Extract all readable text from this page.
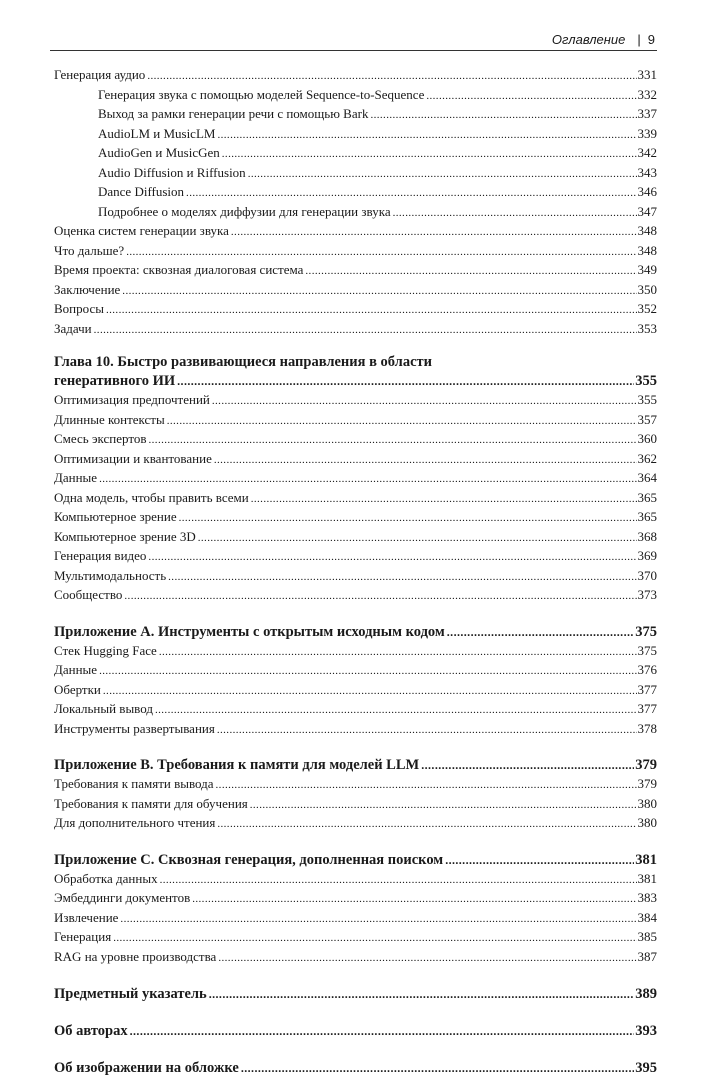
Оглавление | 9
Генерация аудио .....	331
Генерация звука с помощью моделей Sequence-to-Sequence .....	332
Выход за рамки генерации речи с помощью Bark .....	337
AudioLM и MusicLM .....	339
AudioGen и MusicGen .....	342
Audio Diffusion и Riffusion .....	343
Dance Diffusion .....	346
Подробнее о моделях диффузии для генерации звука .....	347
Оценка систем генерации звука .....	348
Что дальше? .....	348
Время проекта: сквозная диалоговая система .....	349
Заключение .....	350
Вопросы .....	352
Задачи .....	353
Глава 10. Быстро развивающиеся направления в области
генеративного ИИ .....	355
Оптимизация предпочтений .....	355
Длинные контексты .....	357
Смесь экспертов .....	360
Оптимизации и квантование .....	362
Данные .....	364
Одна модель, чтобы править всеми .....	365
Компьютерное зрение .....	365
Компьютерное зрение 3D .....	368
Генерация видео .....	369
Мультимодальность .....	370
Сообщество .....	373
Приложение А. Инструменты с открытым исходным кодом .....	375
Стек Hugging Face .....	375
Данные .....	376
Обертки .....	377
Локальный вывод .....	377
Инструменты развертывания .....	378
Приложение В. Требования к памяти для моделей LLM .....	379
Требования к памяти вывода .....	379
Требования к памяти для обучения .....	380
Для дополнительного чтения .....	380
Приложение С. Сквозная генерация, дополненная поиском .....	381
Обработка данных .....	381
Эмбеддинги документов .....	383
Извлечение .....	384
Генерация .....	385
RAG на уровне производства .....	387
Предметный указатель .....	389
Об авторах .....	393
Об изображении на обложке .....	395
